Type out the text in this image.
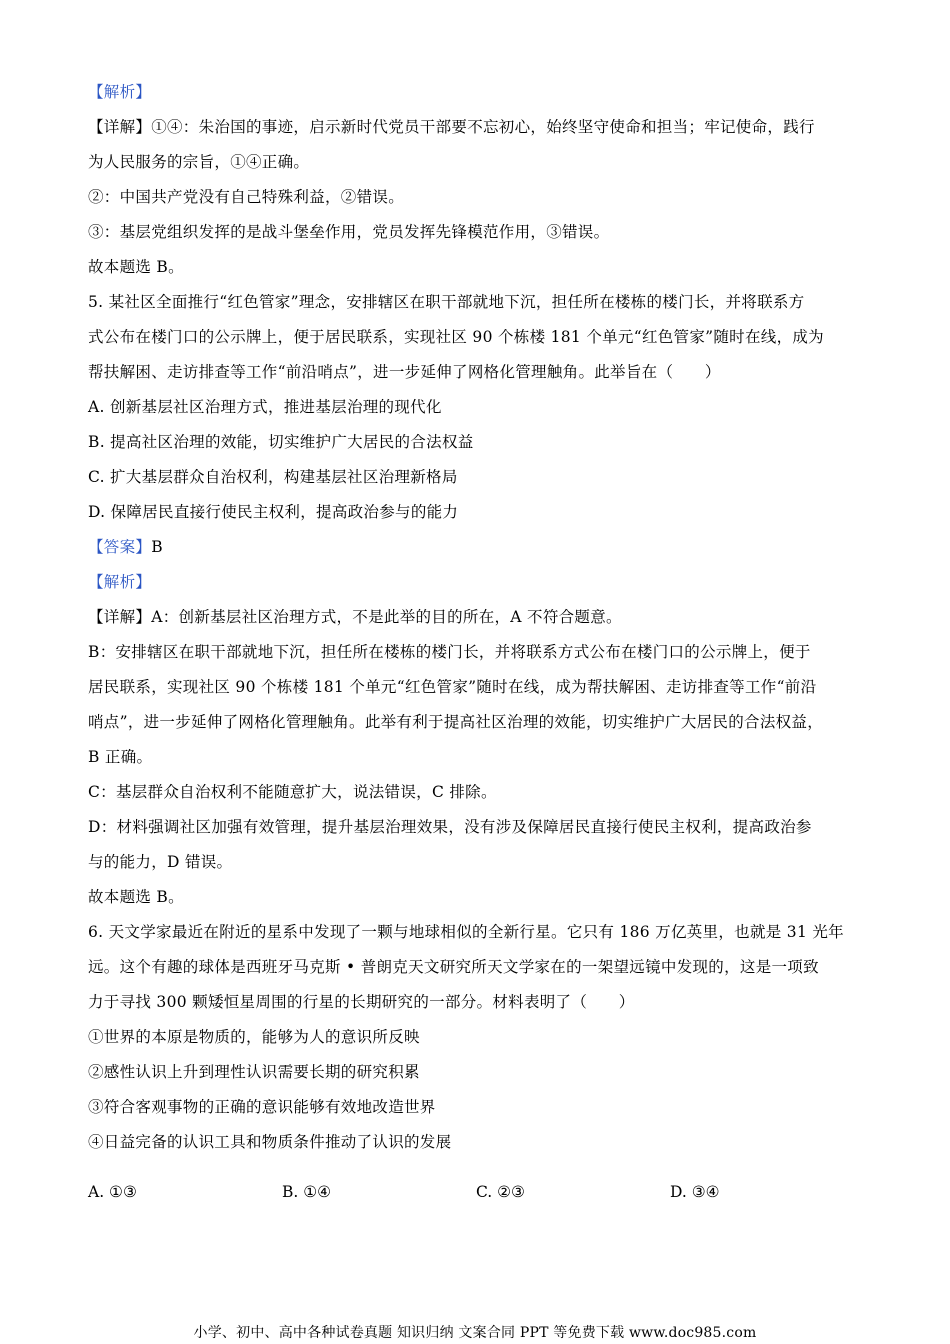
【解析】
【详解】①④：朱治国的事迹，启示新时代党员干部要不忘初心，始终坚守使命和担当；牢记使命，践行
为人民服务的宗旨，①④正确。
②：中国共产党没有自己特殊利益，②错误。
③：基层党组织发挥的是战斗堡垒作用，党员发挥先锋模范作用，③错误。
故本题选 B。
5. 某社区全面推行“红色管家”理念，安排辖区在职干部就地下沉，担任所在楼栋的楼门长，并将联系方
式公布在楼门口的公示牌上，便于居民联系，实现社区 90 个栋楼 181 个单元“红色管家”随时在线，成为
帮扶解困、走访排查等工作“前沿哨点”，进一步延伸了网格化管理触角。此举旨在（　　）
A. 创新基层社区治理方式，推进基层治理的现代化
B. 提高社区治理的效能，切实维护广大居民的合法权益
C. 扩大基层群众自治权利，构建基层社区治理新格局
D. 保障居民直接行使民主权利，提高政治参与的能力
【答案】B
【解析】
【详解】A：创新基层社区治理方式，不是此举的目的所在，A 不符合题意。
B：安排辖区在职干部就地下沉，担任所在楼栋的楼门长，并将联系方式公布在楼门口的公示牌上，便于
居民联系，实现社区 90 个栋楼 181 个单元“红色管家”随时在线，成为帮扶解困、走访排查等工作“前沿
哨点”，进一步延伸了网格化管理触角。此举有利于提高社区治理的效能，切实维护广大居民的合法权益，
B 正确。
C：基层群众自治权利不能随意扩大，说法错误，C 排除。
D：材料强调社区加强有效管理，提升基层治理效果，没有涉及保障居民直接行使民主权利，提高政治参
与的能力，D 错误。
故本题选 B。
6. 天文学家最近在附近的星系中发现了一颗与地球相似的全新行星。它只有 186 万亿英里，也就是 31 光年
远。这个有趣的球体是西班牙马克斯 • 普朗克天文研究所天文学家在的一架望远镜中发现的，这是一项致
力于寻找 300 颗矮恒星周围的行星的长期研究的一部分。材料表明了（　　）
①世界的本原是物质的，能够为人的意识所反映
②感性认识上升到理性认识需要长期的研究积累
③符合客观事物的正确的意识能够有效地改造世界
④日益完备的认识工具和物质条件推动了认识的发展
A. ①③	B. ①④	C. ②③	D. ③④
小学、初中、高中各种试卷真题 知识归纳 文案合同 PPT 等免费下载 www.doc985.com
